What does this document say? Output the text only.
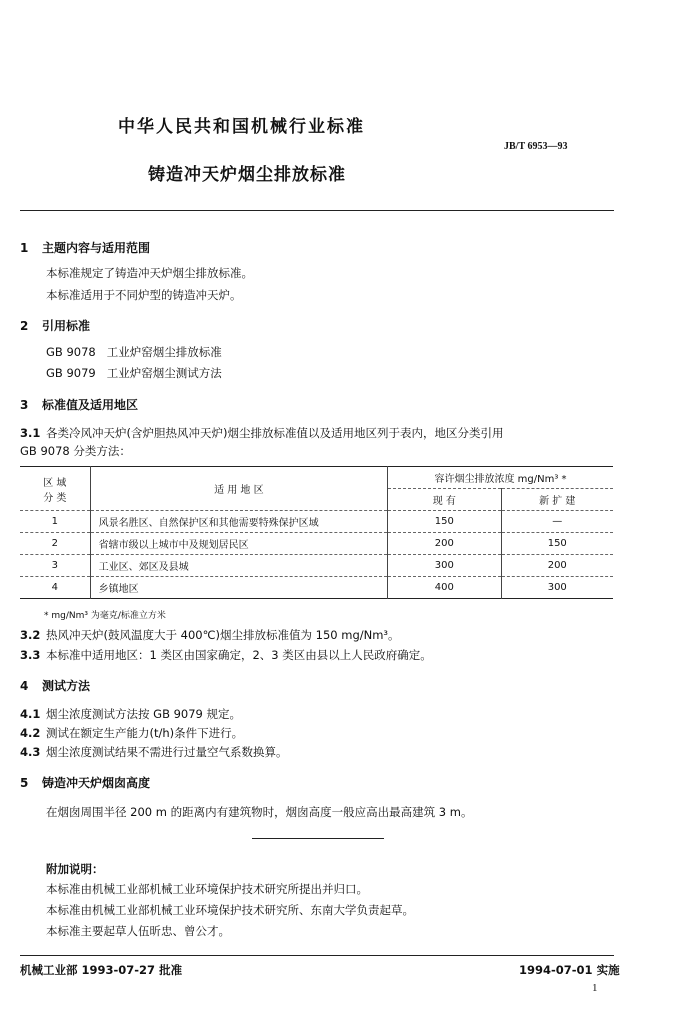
中华人民共和国机械行业标准
JB/T 6953—93
铸造冲天炉烟尘排放标准
1 主题内容与适用范围
本标准规定了铸造冲天炉烟尘排放标准。
本标准适用于不同炉型的铸造冲天炉。
2 引用标准
GB 9078   工业炉窑烟尘排放标准
GB 9079   工业炉窑烟尘测试方法
3 标准值及适用地区
3.1 各类冷风冲天炉(含炉胆热风冲天炉)烟尘排放标准值以及适用地区列于表内，地区分类引用
GB 9078 分类方法：
区 域
分 类	适 用 地 区	容许烟尘排放浓度 mg/Nm³ *	
		现 有	新 扩 建
1	风景名胜区、自然保护区和其他需要特殊保护区域	150	—
2	省辖市级以上城市中及规划居民区	200	150
3	工业区、郊区及县城	300	200
4	乡镇地区	400	300
* mg/Nm³ 为毫克/标准立方米
3.2 热风冲天炉(鼓风温度大于 400℃)烟尘排放标准值为 150 mg/Nm³。
3.3 本标准中适用地区：1 类区由国家确定，2、3 类区由县以上人民政府确定。
4 测试方法
4.1 烟尘浓度测试方法按 GB 9079 规定。
4.2 测试在额定生产能力(t/h)条件下进行。
4.3 烟尘浓度测试结果不需进行过量空气系数换算。
5 铸造冲天炉烟囱高度
在烟囱周围半径 200 m 的距离内有建筑物时，烟囱高度一般应高出最高建筑 3 m。
附加说明：
本标准由机械工业部机械工业环境保护技术研究所提出并归口。
本标准由机械工业部机械工业环境保护技术研究所、东南大学负责起草。
本标准主要起草人伍昕忠、曾公才。
机械工业部 1993-07-27 批准	1994-07-01 实施
1
